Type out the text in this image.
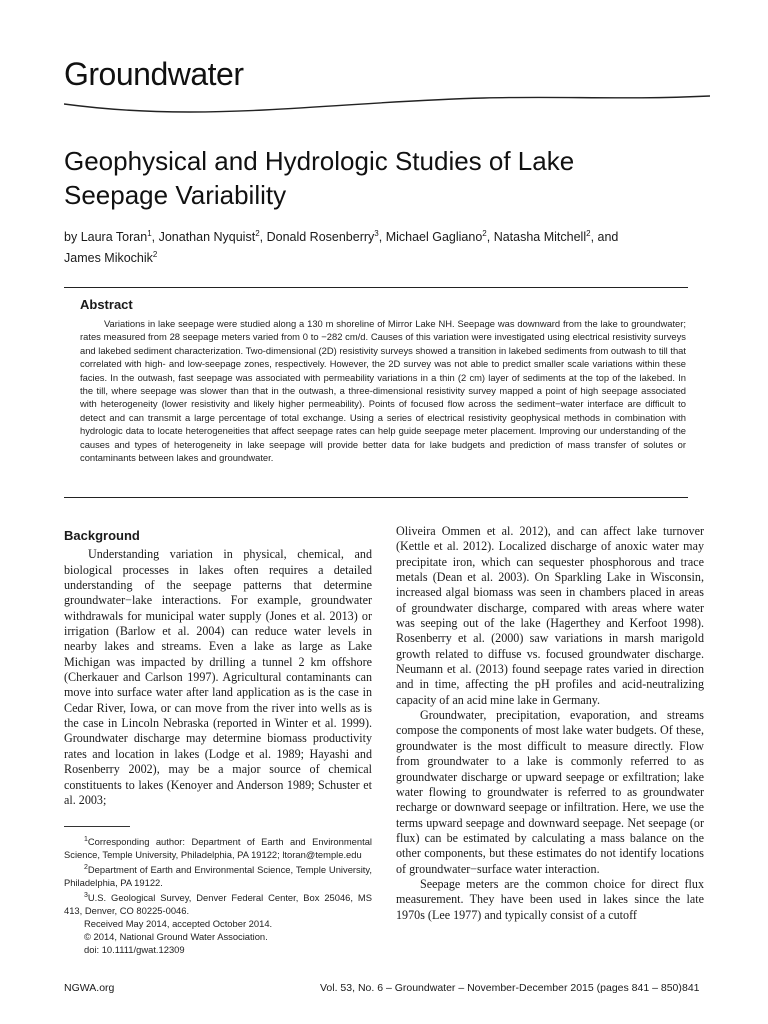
Groundwater
Geophysical and Hydrologic Studies of Lake Seepage Variability
by Laura Toran$^1$, Jonathan Nyquist$^2$, Donald Rosenberry$^3$, Michael Gagliano$^2$, Natasha Mitchell$^2$, and
James Mikochik$^2$
Abstract
Variations in lake seepage were studied along a 130 m shoreline of Mirror Lake NH. Seepage was downward from the lake to groundwater; rates measured from 28 seepage meters varied from 0 to −282 cm/d. Causes of this variation were investigated using electrical resistivity surveys and lakebed sediment characterization. Two-dimensional (2D) resistivity surveys showed a transition in lakebed sediments from outwash to till that correlated with high- and low-seepage zones, respectively. However, the 2D survey was not able to predict smaller scale variations within these facies. In the outwash, fast seepage was associated with permeability variations in a thin (2 cm) layer of sediments at the top of the lakebed. In the till, where seepage was slower than that in the outwash, a three-dimensional resistivity survey mapped a point of high seepage associated with heterogeneity (lower resistivity and likely higher permeability). Points of focused flow across the sediment−water interface are difficult to detect and can transmit a large percentage of total exchange. Using a series of electrical resistivity geophysical methods in combination with hydrologic data to locate heterogeneities that affect seepage rates can help guide seepage meter placement. Improving our understanding of the causes and types of heterogeneity in lake seepage will provide better data for lake budgets and prediction of mass transfer of solutes or contaminants between lakes and groundwater.
Background

Understanding variation in physical, chemical, and biological processes in lakes often requires a detailed understanding of the seepage patterns that determine groundwater−lake interactions. For example, groundwater withdrawals for municipal water supply (Jones et al. 2013) or irrigation (Barlow et al. 2004) can reduce water levels in nearby lakes and streams. Even a lake as large as Lake Michigan was impacted by drilling a tunnel 2 km offshore (Cherkauer and Carlson 1997). Agricultural contaminants can move into surface water after land application as is the case in Cedar River, Iowa, or can move from the river into wells as is the case in Lincoln Nebraska (reported in Winter et al. 1999). Groundwater discharge may determine biomass productivity rates and location in lakes (Lodge et al. 1989; Hayashi and Rosenberry 2002), may be a major source of chemical constituents to lakes (Kenoyer and Anderson 1989; Schuster et al. 2003;

$^1$Corresponding author: Department of Earth and Environmental Science, Temple University, Philadelphia, PA 19122; ltoran@temple.edu

$^2$Department of Earth and Environmental Science, Temple University, Philadelphia, PA 19122.

$^3$U.S. Geological Survey, Denver Federal Center, Box 25046, MS 413, Denver, CO 80225-0046.

Received May 2014, accepted October 2014.

© 2014, National Ground Water Association.

doi: 10.1111/gwat.12309

Oliveira Ommen et al. 2012), and can affect lake turnover (Kettle et al. 2012). Localized discharge of anoxic water may precipitate iron, which can sequester phosphorous and trace metals (Dean et al. 2003). On Sparkling Lake in Wisconsin, increased algal biomass was seen in chambers placed in areas of groundwater discharge, compared with areas where water was seeping out of the lake (Hagerthey and Kerfoot 1998). Rosenberry et al. (2000) saw variations in marsh marigold growth related to diffuse vs. focused groundwater discharge. Neumann et al. (2013) found seepage rates varied in direction and in time, affecting the pH profiles and acid-neutralizing capacity of an acid mine lake in Germany.

Groundwater, precipitation, evaporation, and streams compose the components of most lake water budgets. Of these, groundwater is the most difficult to measure directly. Flow from groundwater to a lake is commonly referred to as groundwater discharge or upward seepage or exfiltration; lake water flowing to groundwater is referred to as groundwater recharge or downward seepage or infiltration. Here, we use the terms upward seepage and downward seepage. Net seepage (or flux) can be estimated by calculating a mass balance on the other components, but these estimates do not identify locations of groundwater−surface water interaction.

Seepage meters are the common choice for direct flux measurement. They have been used in lakes since the late 1970s (Lee 1977) and typically consist of a cutoff

NGWA.org	Vol. 53, No. 6 – Groundwater – November-December 2015 (pages 841 – 850) 841
